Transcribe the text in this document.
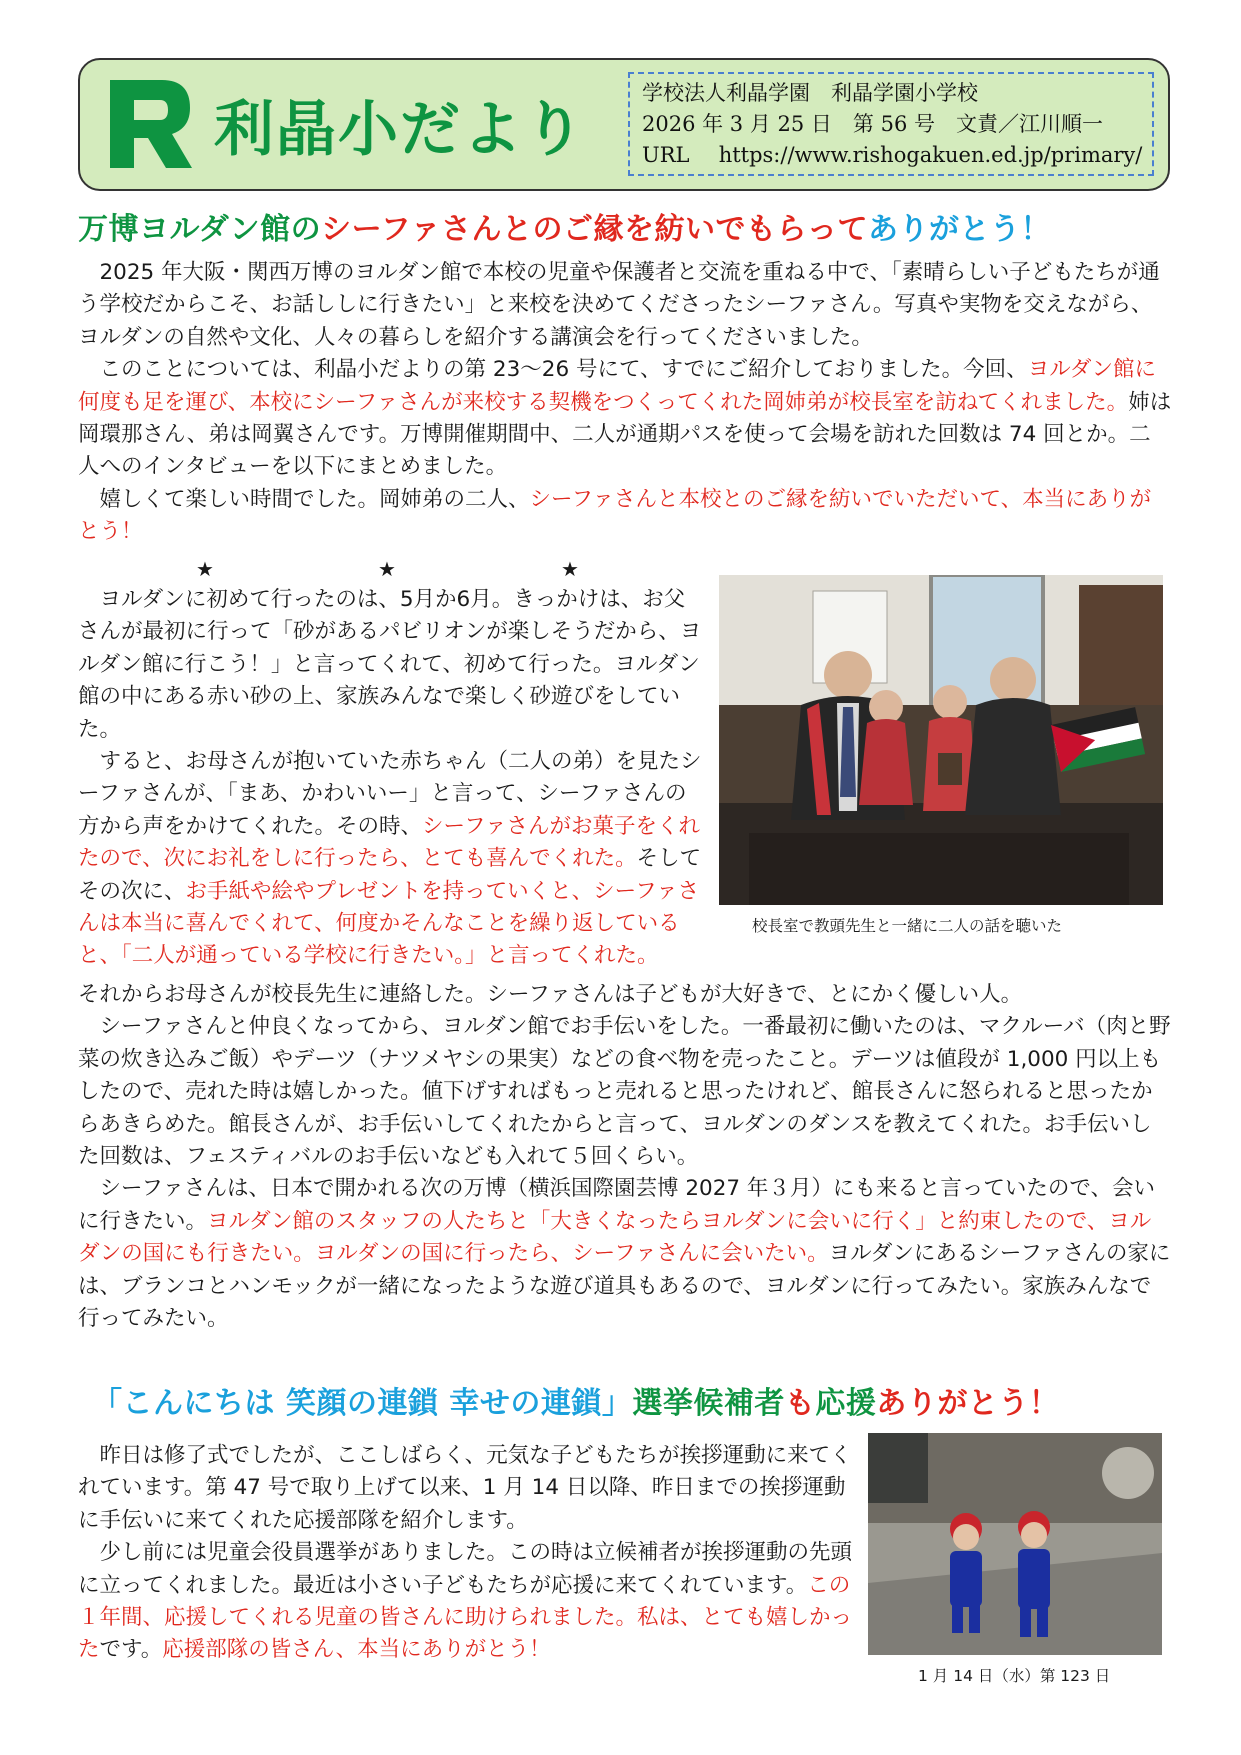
利晶小だより
学校法人利晶学園　利晶学園小学校
2026 年 3 月 25 日　第 56 号　文責／江川順一
URL https://www.rishogakuen.ed.jp/primary/
万博ヨルダン館のシーファさんとのご縁を紡いでもらってありがとう！

2025 年大阪・関西万博のヨルダン館で本校の児童や保護者と交流を重ねる中で、「素晴らしい子どもたちが通う学校だからこそ、お話ししに行きたい」と来校を決めてくださったシーファさん。写真や実物を交えながら、ヨルダンの自然や文化、人々の暮らしを紹介する講演会を行ってくださいました。

このことについては、利晶小だよりの第 23～26 号にて、すでにご紹介しておりました。今回、ヨルダン館に何度も足を運び、本校にシーファさんが来校する契機をつくってくれた岡姉弟が校長室を訪ねてくれました。姉は岡環那さん、弟は岡翼さんです。万博開催期間中、二人が通期パスを使って会場を訪れた回数は 74 回とか。二人へのインタビューを以下にまとめました。

嬉しくて楽しい時間でした。岡姉弟の二人、シーファさんと本校とのご縁を紡いでいただいて、本当にありがとう！

★	★	★

ヨルダンに初めて行ったのは、5月か6月。きっかけは、お父さんが最初に行って「砂があるパビリオンが楽しそうだから、ヨルダン館に行こう！」と言ってくれて、初めて行った。ヨルダン館の中にある赤い砂の上、家族みんなで楽しく砂遊びをしていた。

すると、お母さんが抱いていた赤ちゃん（二人の弟）を見たシーファさんが、「まあ、かわいいー」と言って、シーファさんの方から声をかけてくれた。その時、シーファさんがお菓子をくれたので、次にお礼をしに行ったら、とても喜んでくれた。そしてその次に、お手紙や絵やプレゼントを持っていくと、シーファさんは本当に喜んでくれて、何度かそんなことを繰り返していると、「二人が通っている学校に行きたい。」と言ってくれた。

それからお母さんが校長先生に連絡した。シーファさんは子どもが大好きで、とにかく優しい人。

シーファさんと仲良くなってから、ヨルダン館でお手伝いをした。一番最初に働いたのは、マクルーバ（肉と野菜の炊き込みご飯）やデーツ（ナツメヤシの果実）などの食べ物を売ったこと。デーツは値段が 1,000 円以上もしたので、売れた時は嬉しかった。値下げすればもっと売れると思ったけれど、館長さんに怒られると思ったからあきらめた。館長さんが、お手伝いしてくれたからと言って、ヨルダンのダンスを教えてくれた。お手伝いした回数は、フェスティバルのお手伝いなども入れて５回くらい。

シーファさんは、日本で開かれる次の万博（横浜国際園芸博 2027 年３月）にも来ると言っていたので、会いに行きたい。ヨルダン館のスタッフの人たちと「大きくなったらヨルダンに会いに行く」と約束したので、ヨルダンの国にも行きたい。ヨルダンの国に行ったら、シーファさんに会いたい。ヨルダンにあるシーファさんの家には、ブランコとハンモックが一緒になったような遊び道具もあるので、ヨルダンに行ってみたい。家族みんなで行ってみたい。

校長室で教頭先生と一緒に二人の話を聴いた
「こんにちは 笑顔の連鎖 幸せの連鎖」選挙候補者も応援ありがとう！

昨日は修了式でしたが、ここしばらく、元気な子どもたちが挨拶運動に来てくれています。第 47 号で取り上げて以来、1 月 14 日以降、昨日までの挨拶運動に手伝いに来てくれた応援部隊を紹介します。

少し前には児童会役員選挙がありました。この時は立候補者が挨拶運動の先頭に立ってくれました。最近は小さい子どもたちが応援に来てくれています。この１年間、応援してくれる児童の皆さんに助けられました。私は、とても嬉しかったです。応援部隊の皆さん、本当にありがとう！

1 月 14 日（水）第 123 日
